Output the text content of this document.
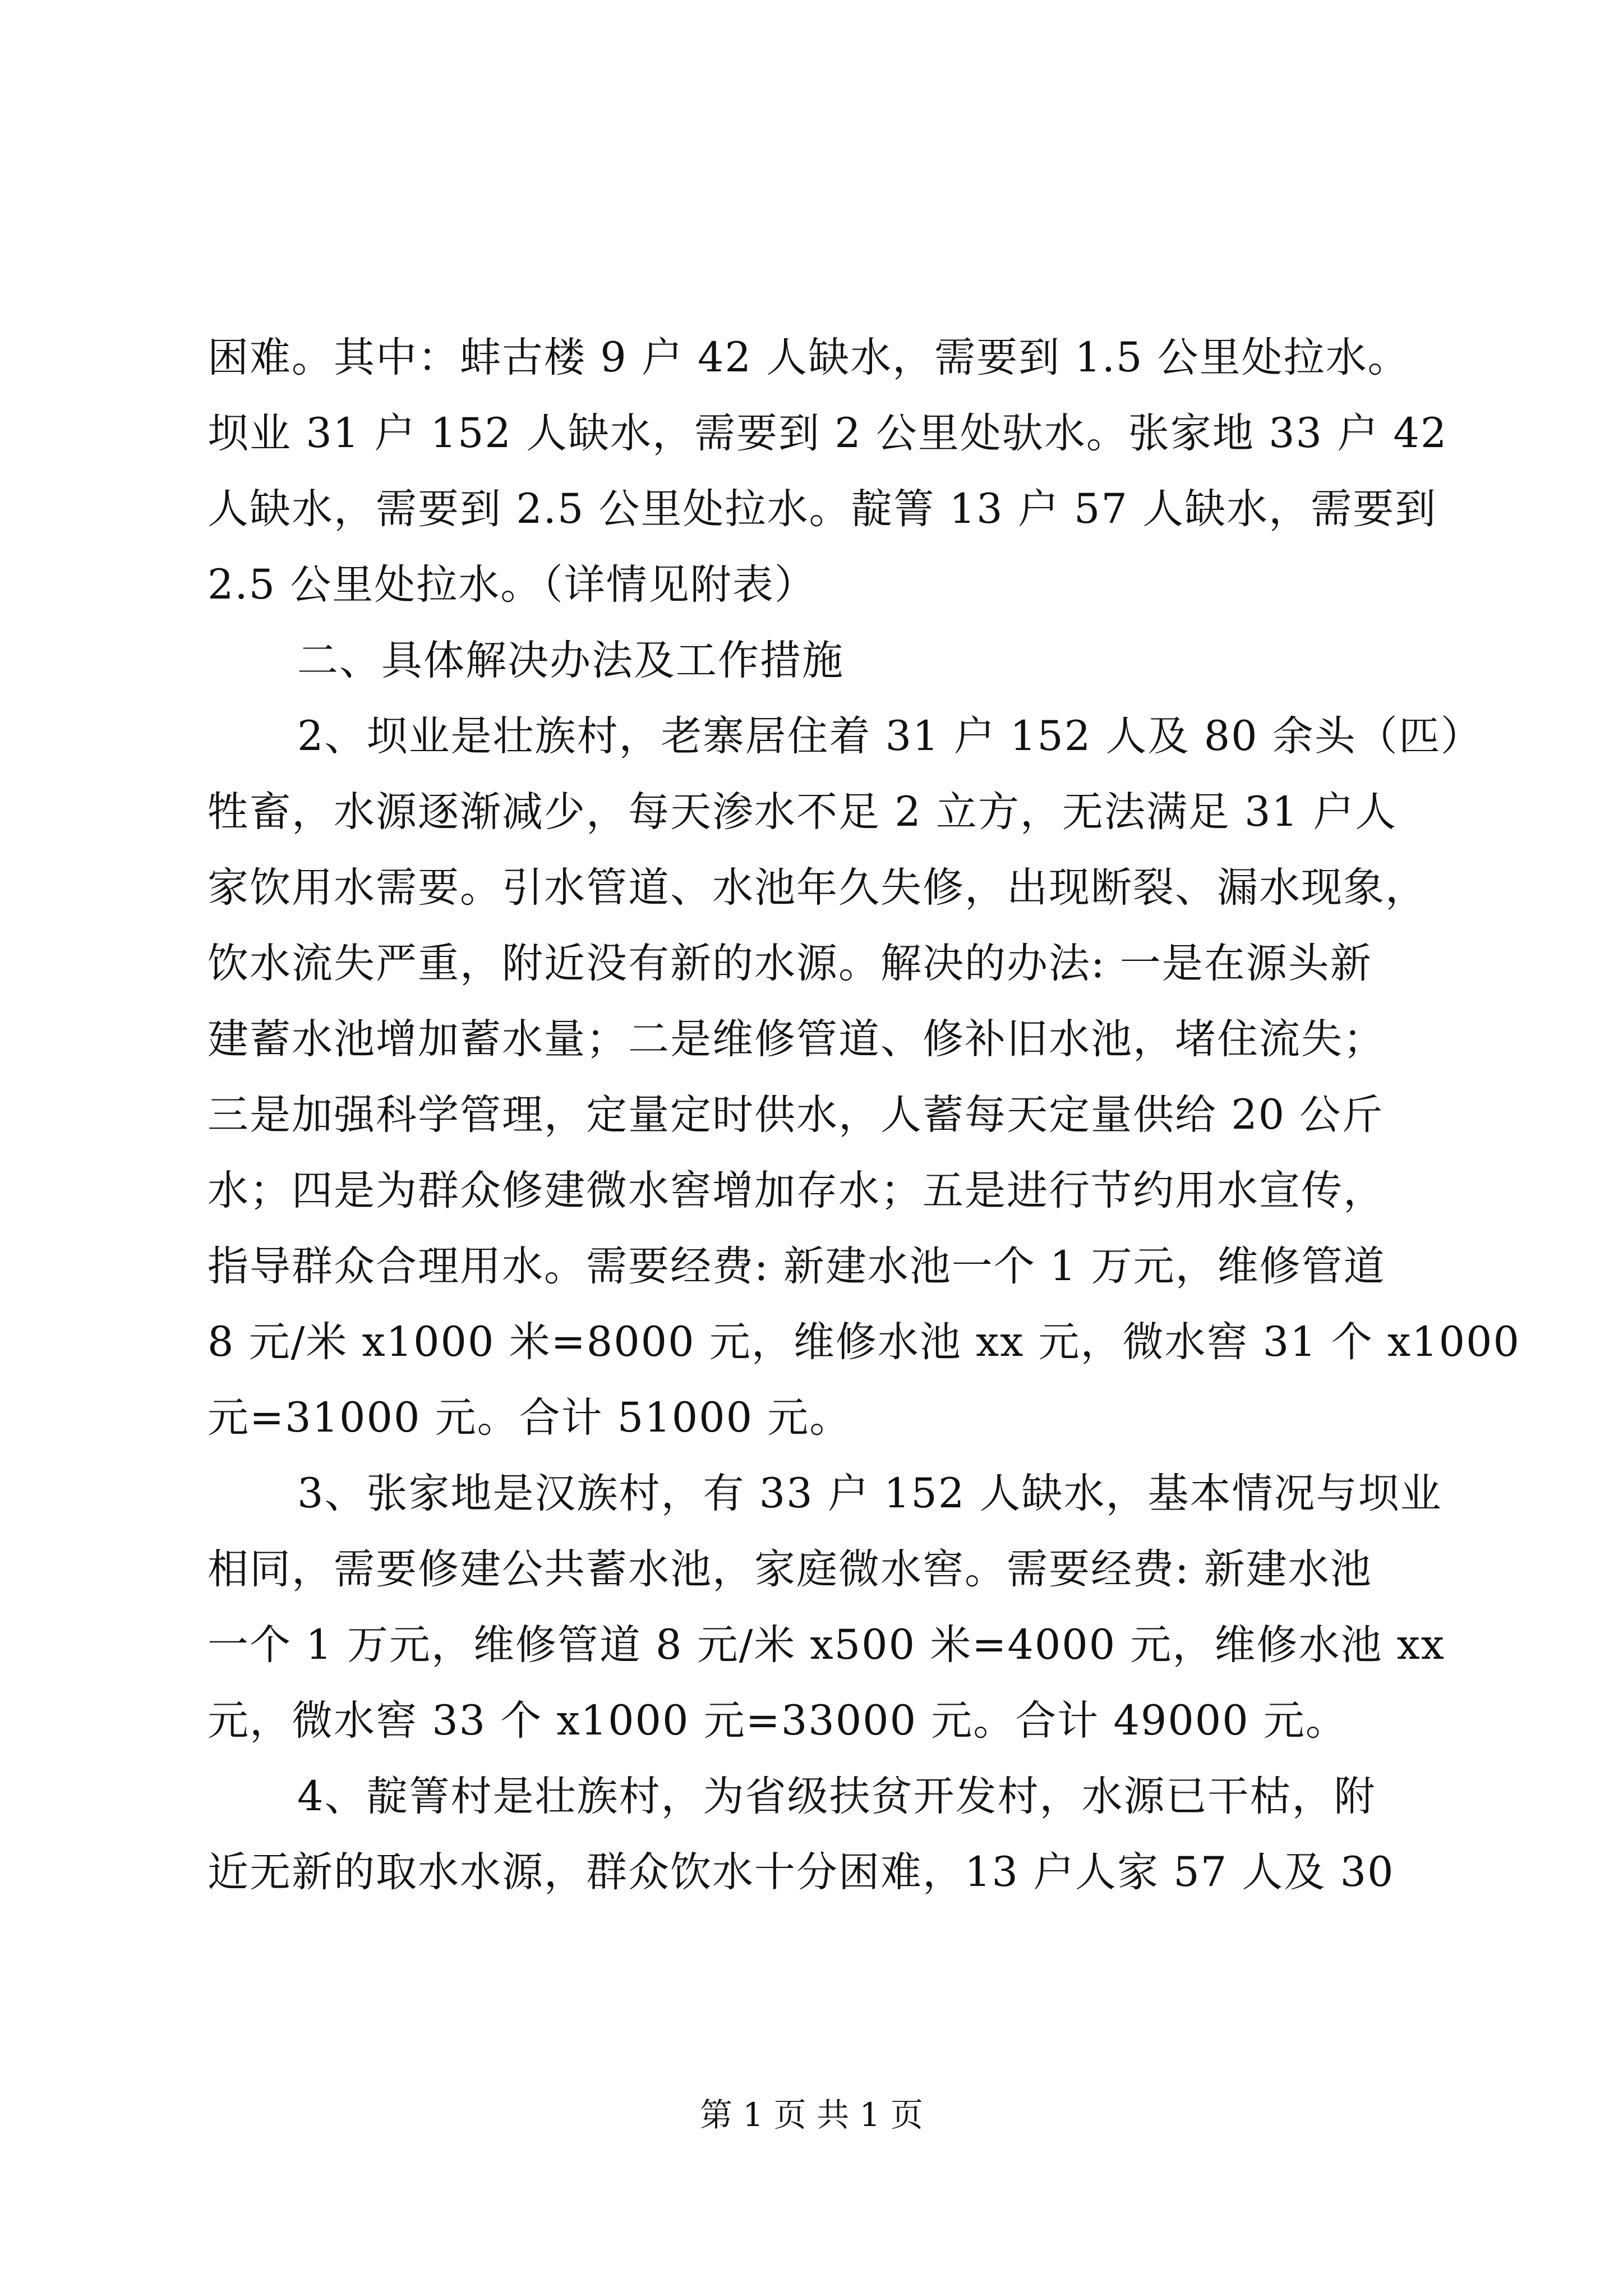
困难。其中：蚌古楼 9 户 42 人缺水，需要到 1.5 公里处拉水。
坝业 31 户 152 人缺水，需要到 2 公里处驮水。张家地 33 户 42
人缺水，需要到 2.5 公里处拉水。靛箐 13 户 57 人缺水，需要到
2.5 公里处拉水。（详情见附表）
二、具体解决办法及工作措施
2、坝业是壮族村，老寨居住着 31 户 152 人及 80 余头（匹）
牲畜，水源逐渐减少，每天渗水不足 2 立方，无法满足 31 户人
家饮用水需要。引水管道、水池年久失修，出现断裂、漏水现象，
饮水流失严重，附近没有新的水源。解决的办法: 一是在源头新
建蓄水池增加蓄水量；二是维修管道、修补旧水池，堵住流失；
三是加强科学管理，定量定时供水，人蓄每天定量供给 20 公斤
水；四是为群众修建微水窖增加存水；五是进行节约用水宣传，
指导群众合理用水。需要经费: 新建水池一个 1 万元，维修管道
8 元/米 x1000 米=8000 元，维修水池 xx 元，微水窖 31 个 x1000
元=31000 元。合计 51000 元。
3、张家地是汉族村，有 33 户 152 人缺水，基本情况与坝业
相同，需要修建公共蓄水池，家庭微水窖。需要经费: 新建水池
一个 1 万元，维修管道 8 元/米 x500 米=4000 元，维修水池 xx
元，微水窖 33 个 x1000 元=33000 元。合计 49000 元。
4、靛箐村是壮族村，为省级扶贫开发村，水源已干枯，附
近无新的取水水源，群众饮水十分困难，13 户人家 57 人及 30
第 1 页 共 1 页
